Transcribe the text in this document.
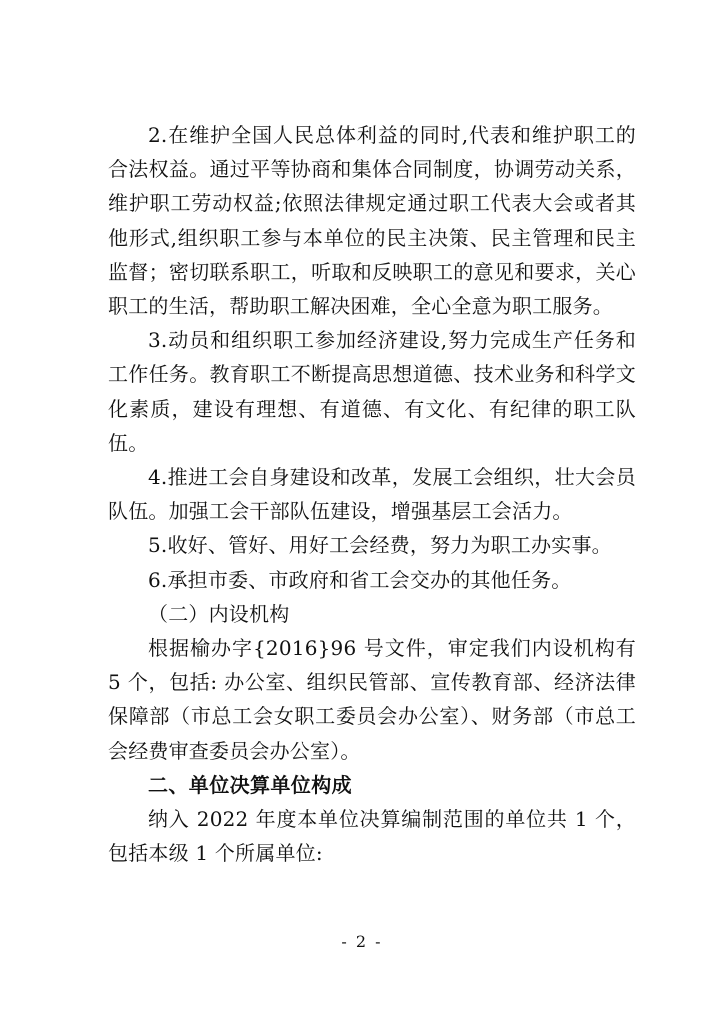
2.在维护全国人民总体利益的同时,代表和维护职工的合法权益。通过平等协商和集体合同制度，协调劳动关系，维护职工劳动权益;依照法律规定通过职工代表大会或者其他形式,组织职工参与本单位的民主决策、民主管理和民主监督；密切联系职工，听取和反映职工的意见和要求，关心职工的生活，帮助职工解决困难，全心全意为职工服务。

3.动员和组织职工参加经济建设,努力完成生产任务和工作任务。教育职工不断提高思想道德、技术业务和科学文化素质，建设有理想、有道德、有文化、有纪律的职工队伍。

4.推进工会自身建设和改革，发展工会组织，壮大会员队伍。加强工会干部队伍建设，增强基层工会活力。

5.收好、管好、用好工会经费，努力为职工办实事。

6.承担市委、市政府和省工会交办的其他任务。

（二）内设机构

根据榆办字{2016}96 号文件，审定我们内设机构有 5 个，包括: 办公室、组织民管部、宣传教育部、经济法律保障部（市总工会女职工委员会办公室）、财务部（市总工会经费审查委员会办公室）。

二、单位决算单位构成

纳入 2022 年度本单位决算编制范围的单位共 1 个，包括本级 1 个所属单位:

- 2 -
